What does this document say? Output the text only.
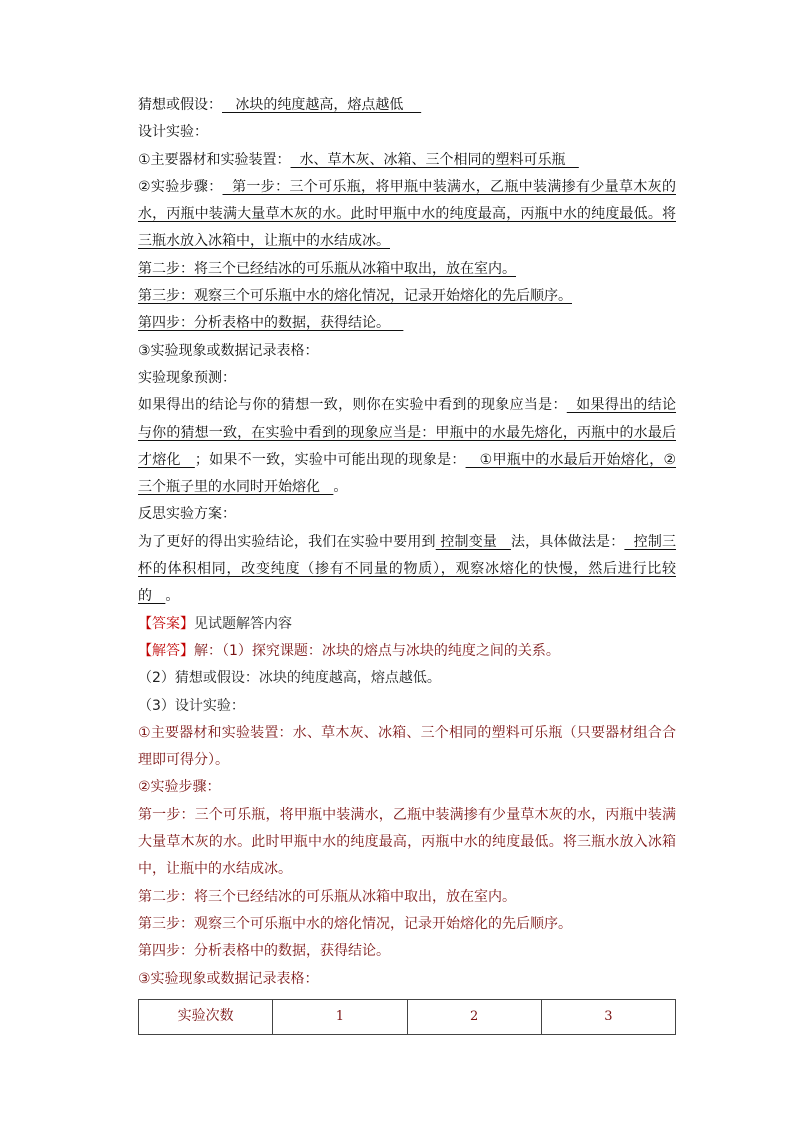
猜想或假设：   冰块的纯度越高，熔点越低

设计实验：

①主要器材和实验装置：  水、草木灰、冰箱、三个相同的塑料可乐瓶

②实验步骤：  第一步：三个可乐瓶，将甲瓶中装满水，乙瓶中装满掺有少量草木灰的水，丙瓶中装满大量草木灰的水。此时甲瓶中水的纯度最高，丙瓶中水的纯度最低。将三瓶水放入冰箱中，让瓶中的水结成冰。

第二步：将三个已经结冰的可乐瓶从冰箱中取出，放在室内。

第三步：观察三个可乐瓶中水的熔化情况，记录开始熔化的先后顺序。

第四步：分析表格中的数据，获得结论。

③实验现象或数据记录表格：

实验现象预测：

如果得出的结论与你的猜想一致，则你在实验中看到的现象应当是：  如果得出的结论与你的猜想一致，在实验中看到的现象应当是：甲瓶中的水最先熔化，丙瓶中的水最后才熔化   ；如果不一致，实验中可能出现的现象是：   ①甲瓶中的水最后开始熔化，②三个瓶子里的水同时开始熔化   。

反思实验方案：

为了更好的得出实验结论，我们在实验中要用到 控制变量   法，具体做法是：  控制三杯的体积相同，改变纯度（掺有不同量的物质），观察冰熔化的快慢，然后进行比较的   。

【答案】见试题解答内容

【解答】解：（1）探究课题：冰块的熔点与冰块的纯度之间的关系。

（2）猜想或假设：冰块的纯度越高，熔点越低。

（3）设计实验：

①主要器材和实验装置：水、草木灰、冰箱、三个相同的塑料可乐瓶（只要器材组合合理即可得分）。

②实验步骤：

第一步：三个可乐瓶，将甲瓶中装满水，乙瓶中装满掺有少量草木灰的水，丙瓶中装满大量草木灰的水。此时甲瓶中水的纯度最高，丙瓶中水的纯度最低。将三瓶水放入冰箱中，让瓶中的水结成冰。

第二步：将三个已经结冰的可乐瓶从冰箱中取出，放在室内。

第三步：观察三个可乐瓶中水的熔化情况，记录开始熔化的先后顺序。

第四步：分析表格中的数据，获得结论。

③实验现象或数据记录表格：

实验次数	1	2	3
